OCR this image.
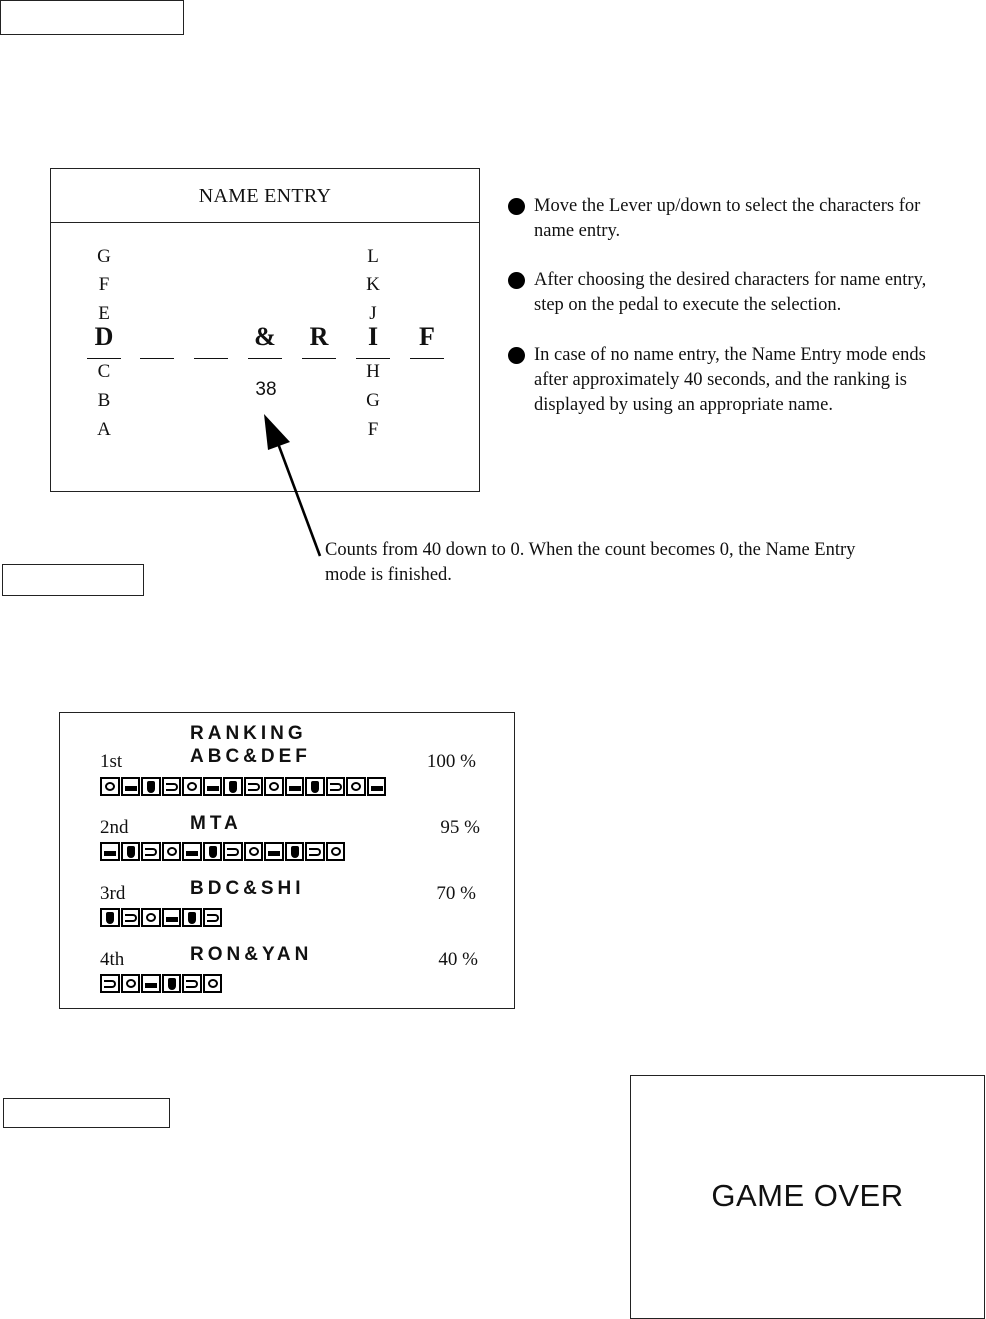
NAME ENTRY
G
F
E
C
B
A
L
K
J
H
G
F
D	&	R	I	F
38
Move the Lever up/down to select the characters for name entry.
After choosing the desired characters for name entry, step on the pedal to execute the selection.
In case of no name entry, the Name Entry mode ends after approximately 40 seconds, and the ranking is displayed by using an appropriate name.
Counts from 40 down to 0. When the count becomes 0, the Name Entry mode is finished.
RANKING
1st	ABC&DEF	100 %
2nd	MTA	95 %
3rd	BDC&SHI	70 %
4th	RON&YAN	40 %
GAME OVER
